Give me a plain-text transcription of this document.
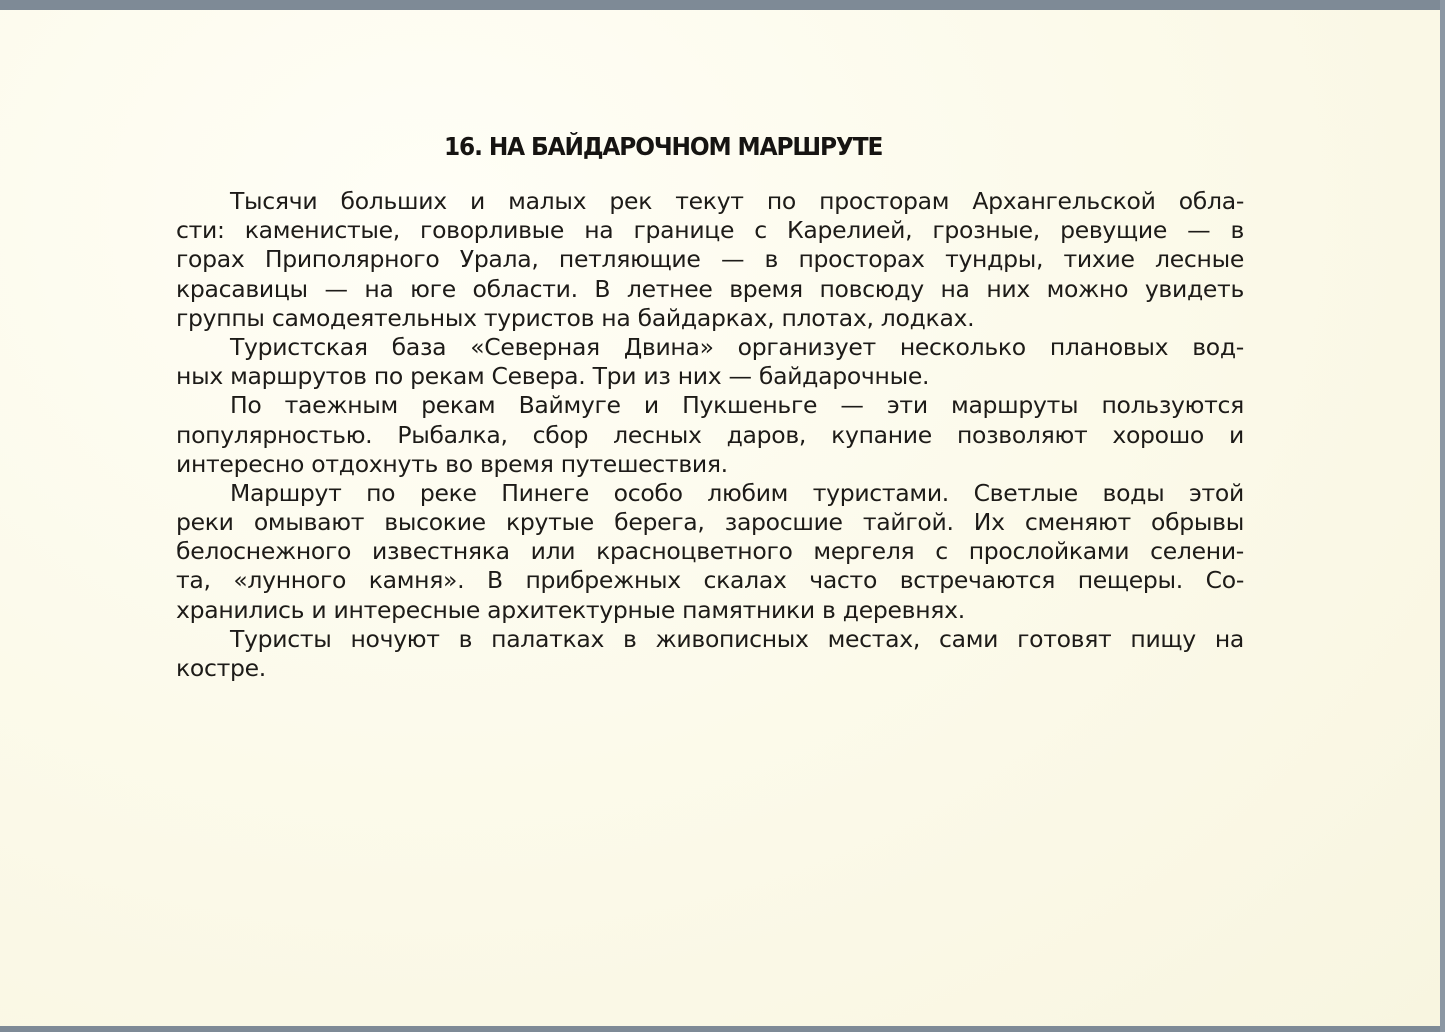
16. НА БАЙДАРОЧНОМ МАРШРУТЕ
Тысячи больших и малых рек текут по просторам Архангельской обла-
сти: каменистые, говорливые на границе с Карелией, грозные, ревущие — в
горах Приполярного Урала, петляющие — в просторах тундры, тихие лесные
красавицы — на юге области. В летнее время повсюду на них можно увидеть
группы самодеятельных туристов на байдарках, плотах, лодках.
Туристская база «Северная Двина» организует несколько плановых вод-
ных маршрутов по рекам Севера. Три из них — байдарочные.
По таежным рекам Ваймуге и Пукшеньге — эти маршруты пользуются
популярностью. Рыбалка, сбор лесных даров, купание позволяют хорошо и
интересно отдохнуть во время путешествия.
Маршрут по реке Пинеге особо любим туристами. Светлые воды этой
реки омывают высокие крутые берега, заросшие тайгой. Их сменяют обрывы
белоснежного известняка или красноцветного мергеля с прослойками селени-
та, «лунного камня». В прибрежных скалах часто встречаются пещеры. Со-
хранились и интересные архитектурные памятники в деревнях.
Туристы ночуют в палатках в живописных местах, сами готовят пищу на
костре.
